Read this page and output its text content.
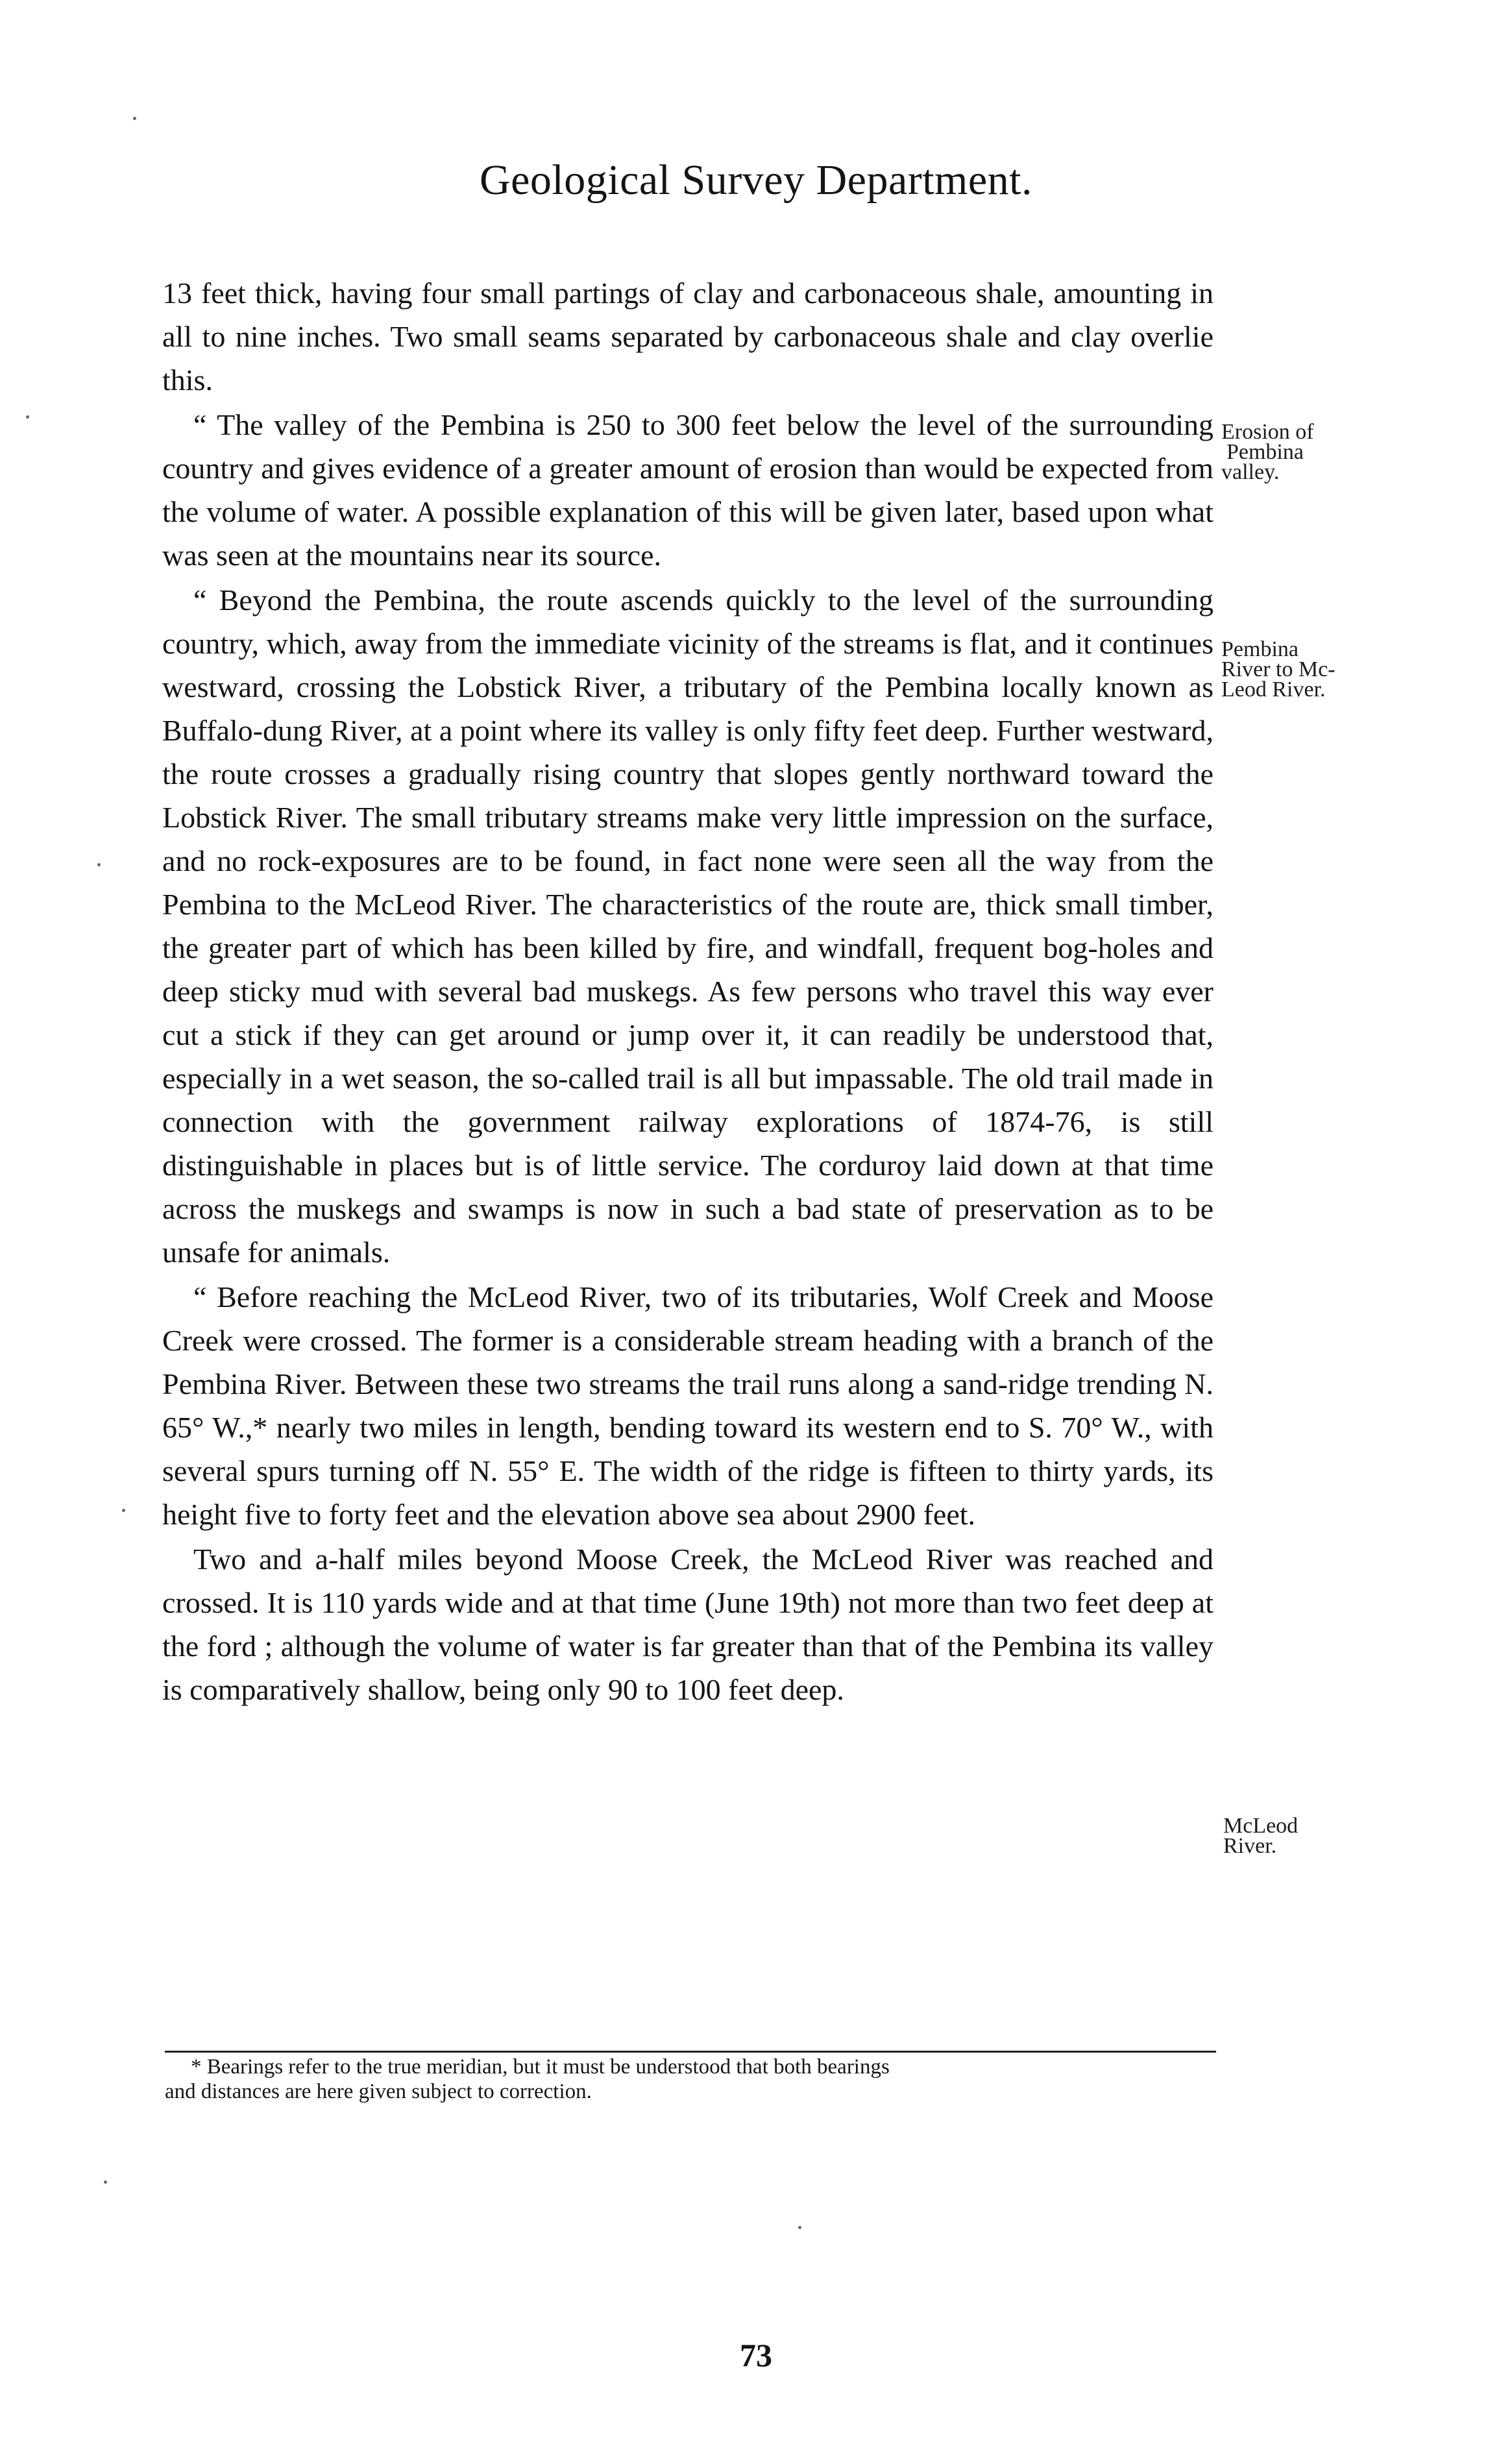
Geological Survey Department.

13 feet thick, having four small partings of clay and carbonaceous shale, amounting in all to nine inches. Two small seams separated by carbonaceous shale and clay overlie this.

“ The valley of the Pembina is 250 to 300 feet below the level of the surrounding country and gives evidence of a greater amount of erosion than would be expected from the volume of water. A possible explanation of this will be given later, based upon what was seen at the mountains near its source.

“ Beyond the Pembina, the route ascends quickly to the level of the surrounding country, which, away from the immediate vicinity of the streams is flat, and it continues westward, crossing the Lobstick River, a tributary of the Pembina locally known as Buffalo-dung River, at a point where its valley is only fifty feet deep. Further westward, the route crosses a gradually rising country that slopes gently northward toward the Lobstick River. The small tributary streams make very little impression on the surface, and no rock-exposures are to be found, in fact none were seen all the way from the Pembina to the McLeod River. The characteristics of the route are, thick small timber, the greater part of which has been killed by fire, and windfall, frequent bog-holes and deep sticky mud with several bad muskegs. As few persons who travel this way ever cut a stick if they can get around or jump over it, it can readily be understood that, especially in a wet season, the so-called trail is all but impassable. The old trail made in connection with the government railway explorations of 1874-76, is still distinguishable in places but is of little service. The corduroy laid down at that time across the muskegs and swamps is now in such a bad state of preservation as to be unsafe for animals.

“ Before reaching the McLeod River, two of its tributaries, Wolf Creek and Moose Creek were crossed. The former is a considerable stream heading with a branch of the Pembina River. Between these two streams the trail runs along a sand-ridge trending N. 65° W.,* nearly two miles in length, bending toward its western end to S. 70° W., with several spurs turning off N. 55° E. The width of the ridge is fifteen to thirty yards, its height five to forty feet and the elevation above sea about 2900 feet.

Two and a-half miles beyond Moose Creek, the McLeod River was reached and crossed. It is 110 yards wide and at that time (June 19th) not more than two feet deep at the ford ; although the volume of water is far greater than that of the Pembina its valley is comparatively shallow, being only 90 to 100 feet deep.

Erosion of
Pembina
valley.
Pembina
River to Mc-
Leod River.
McLeod
River.
* Bearings refer to the true meridian, but it must be understood that both bearings
and distances are here given subject to correction.
73
